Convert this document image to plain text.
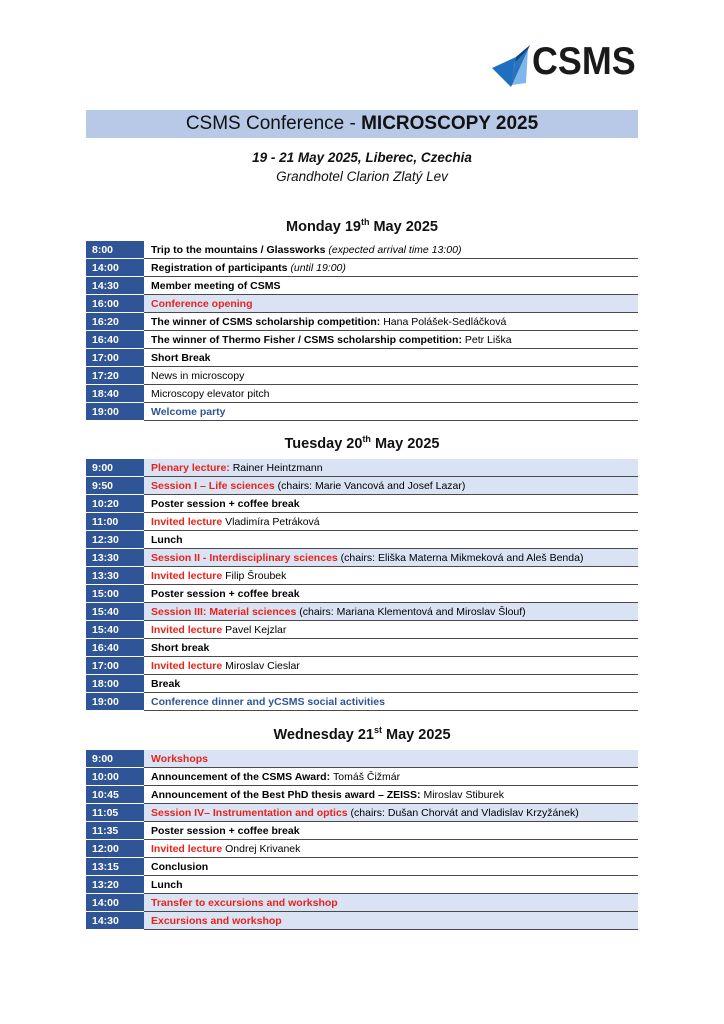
CSMS
CSMS Conference - MICROSCOPY 2025
19 - 21 May 2025, Liberec, Czechia
Grandhotel Clarion Zlatý Lev
Monday 19th May 2025
8:00	Trip to the mountains / Glassworks (expected arrival time 13:00)
14:00	Registration of participants (until 19:00)
14:30	Member meeting of CSMS
16:00	Conference opening
16:20	The winner of CSMS scholarship competition: Hana Polášek-Sedláčková
16:40	The winner of Thermo Fisher / CSMS scholarship competition: Petr Liška
17:00	Short Break
17:20	News in microscopy
18:40	Microscopy elevator pitch
19:00	Welcome party
Tuesday 20th May 2025
9:00	Plenary lecture: Rainer Heintzmann
9:50	Session I – Life sciences (chairs: Marie Vancová and Josef Lazar)
10:20	Poster session + coffee break
11:00	Invited lecture Vladimíra Petráková
12:30	Lunch
13:30	Session II - Interdisciplinary sciences (chairs: Eliška Materna Mikmeková and Aleš Benda)
13:30	Invited lecture Filip Šroubek
15:00	Poster session + coffee break
15:40	Session III: Material sciences (chairs: Mariana Klementová and Miroslav Šlouf)
15:40	Invited lecture Pavel Kejzlar
16:40	Short break
17:00	Invited lecture Miroslav Cieslar
18:00	Break
19:00	Conference dinner and yCSMS social activities
Wednesday 21st May 2025
9:00	Workshops
10:00	Announcement of the CSMS Award: Tomáš Čižmár
10:45	Announcement of the Best PhD thesis award – ZEISS: Miroslav Stiburek
11:05	Session IV– Instrumentation and optics (chairs: Dušan Chorvát and Vladislav Krzyžánek)
11:35	Poster session + coffee break
12:00	Invited lecture Ondrej Krivanek
13:15	Conclusion
13:20	Lunch
14:00	Transfer to excursions and workshop
14:30	Excursions and workshop
